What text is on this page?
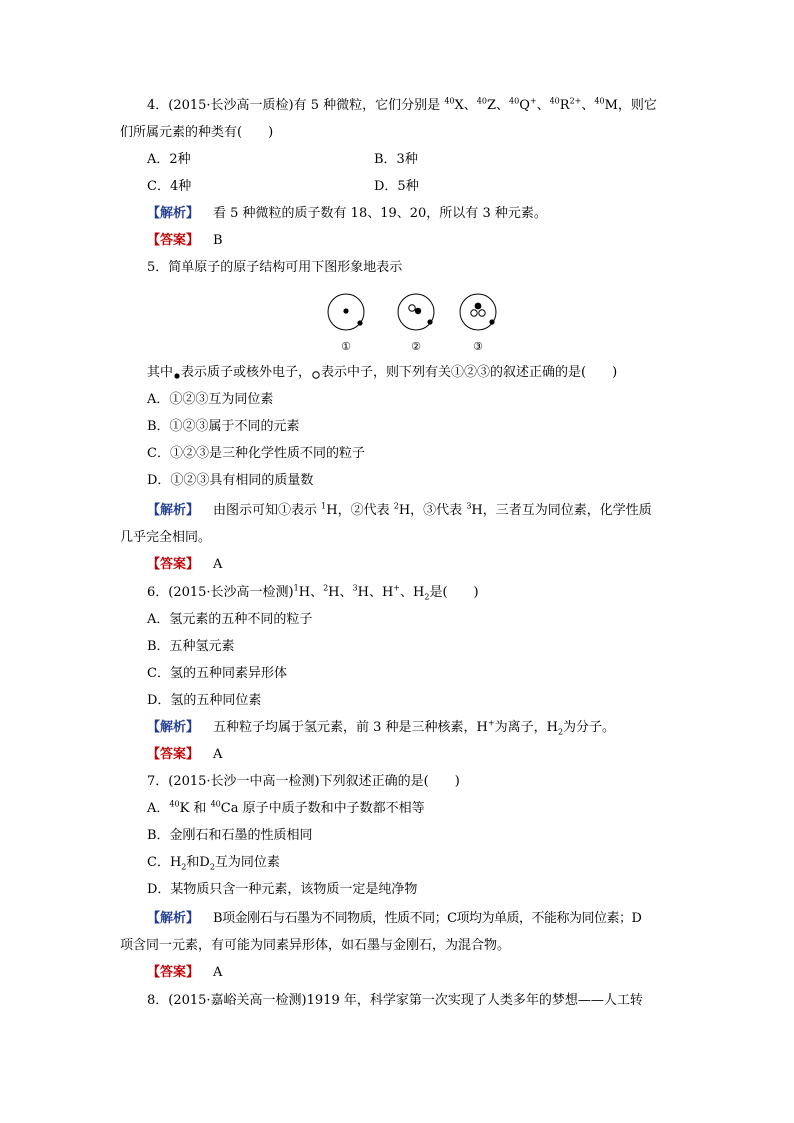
4．(2015·长沙高一质检)有 5 种微粒，它们分别是 $^{40}$X、$^{40}$Z、$^{40}$Q+、$^{40}R^{2+}$、$^{40}$M，则它
们所属元素的种类有(　　)
A．2种	B．3种
C．4种	D．5种
【解析】 看 5 种微粒的质子数有 18、19、20，所以有 3 种元素。
【答案】 B
5．简单原子的原子结构可用下图形象地表示
①	②	③
其中 表示质子或核外电子， 表示中子，则下列有关①②③的叙述正确的是(　　)
A．①②③互为同位素
B．①②③属于不同的元素
C．①②③是三种化学性质不同的粒子
D．①②③具有相同的质量数
【解析】 由图示可知①表示 $^1$H，②代表 $^2$H，③代表 $^3$H，三者互为同位素，化学性质
几乎完全相同。
【答案】 A
6．(2015·长沙高一检测)$^1$H、$^2$H、$^3$H、H+、$H_2$是(　　)
A．氢元素的五种不同的粒子
B．五种氢元素
C．氢的五种同素异形体
D．氢的五种同位素
【解析】 五种粒子均属于氢元素，前 3 种是三种核素，H+为离子，$H_2$为分子。
【答案】 A
7．(2015·长沙一中高一检测)下列叙述正确的是(　　)
A．$^{40}$K 和 $^{40}$Ca 原子中质子数和中子数都不相等
B．金刚石和石墨的性质相同
C．$H_2$和$D_2$互为同位素
D．某物质只含一种元素，该物质一定是纯净物
【解析】 B项金刚石与石墨为不同物质，性质不同；C项均为单质，不能称为同位素；D
项含同一元素，有可能为同素异形体，如石墨与金刚石，为混合物。
【答案】 A
8．(2015·嘉峪关高一检测)1919 年，科学家第一次实现了人类多年的梦想——人工转
